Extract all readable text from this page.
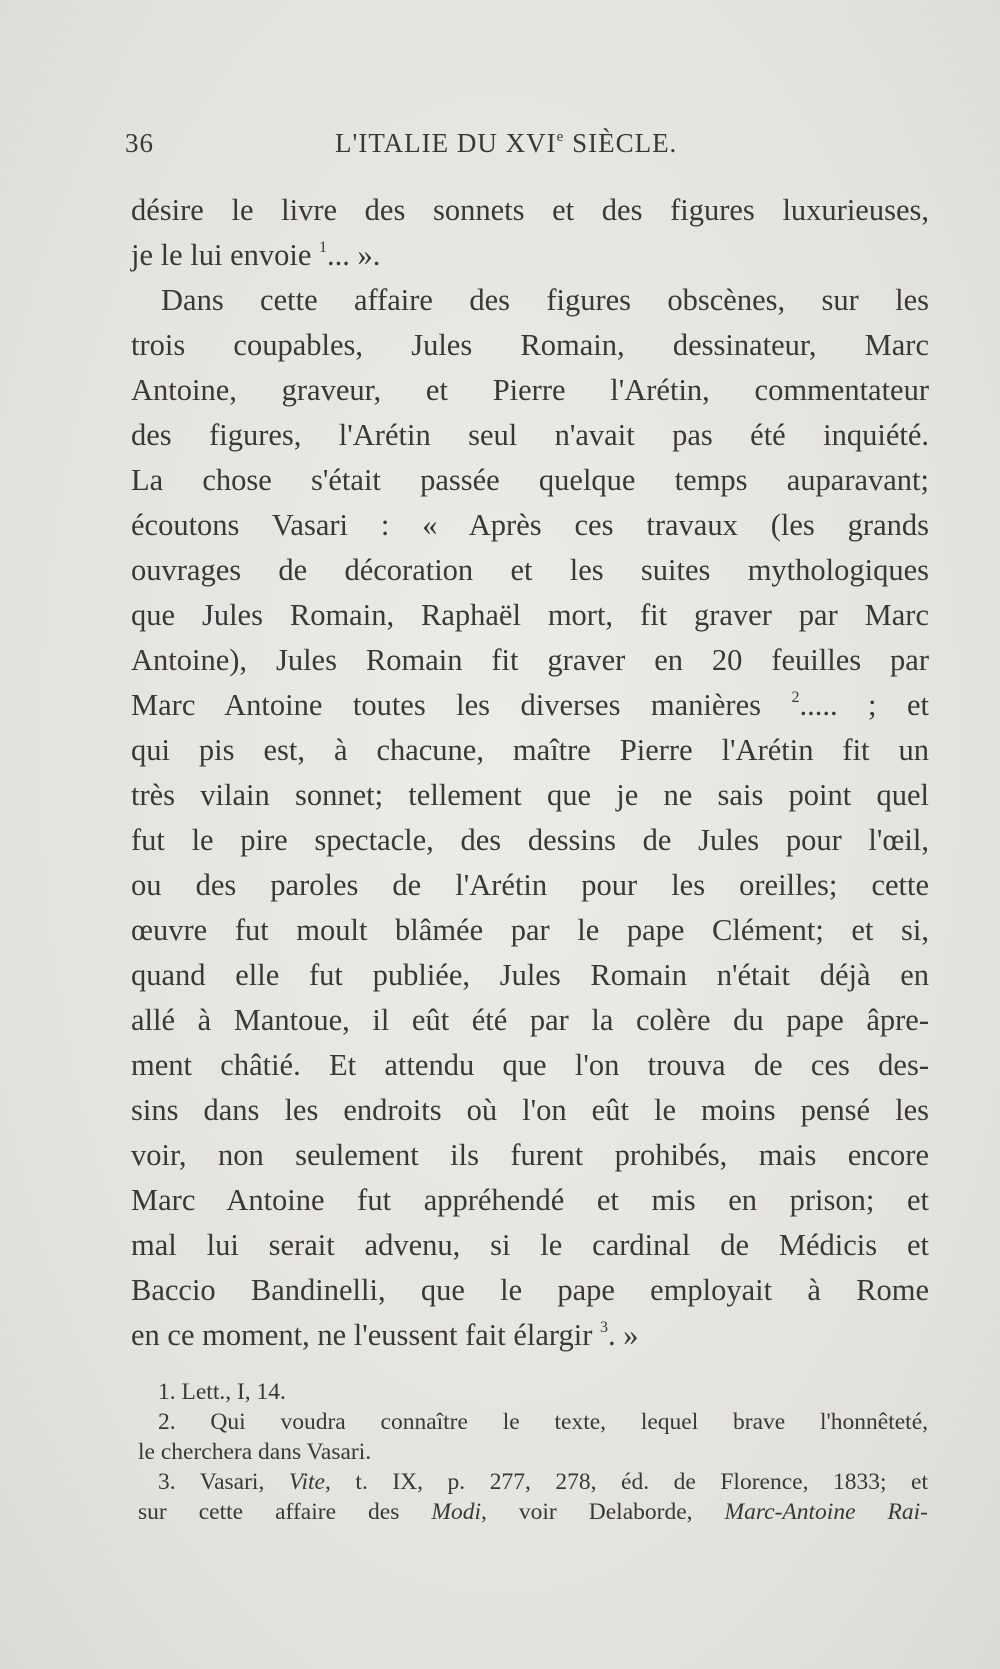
36	L'ITALIE DU XVIe SIÈCLE.
désire le livre des sonnets et des figures luxurieuses,
je le lui envoie $^1$... ».
Dans cette affaire des figures obscènes, sur les
trois coupables, Jules Romain, dessinateur, Marc
Antoine, graveur, et Pierre l'Arétin, commentateur
des figures, l'Arétin seul n'avait pas été inquiété.
La chose s'était passée quelque temps auparavant;
écoutons Vasari : « Après ces travaux (les grands
ouvrages de décoration et les suites mythologiques
que Jules Romain, Raphaël mort, fit graver par Marc
Antoine), Jules Romain fit graver en 20 feuilles par
Marc Antoine toutes les diverses manières $^2$..... ; et
qui pis est, à chacune, maître Pierre l'Arétin fit un
très vilain sonnet; tellement que je ne sais point quel
fut le pire spectacle, des dessins de Jules pour l'œil,
ou des paroles de l'Arétin pour les oreilles; cette
œuvre fut moult blâmée par le pape Clément; et si,
quand elle fut publiée, Jules Romain n'était déjà en
allé à Mantoue, il eût été par la colère du pape âpre-
ment châtié. Et attendu que l'on trouva de ces des-
sins dans les endroits où l'on eût le moins pensé les
voir, non seulement ils furent prohibés, mais encore
Marc Antoine fut appréhendé et mis en prison; et
mal lui serait advenu, si le cardinal de Médicis et
Baccio Bandinelli, que le pape employait à Rome
en ce moment, ne l'eussent fait élargir $^3$. »
1. Lett., I, 14.
2. Qui voudra connaître le texte, lequel brave l'honnêteté,
le cherchera dans Vasari.
3. Vasari, Vite, t. IX, p. 277, 278, éd. de Florence, 1833; et
sur cette affaire des Modi, voir Delaborde, Marc-Antoine Rai-
